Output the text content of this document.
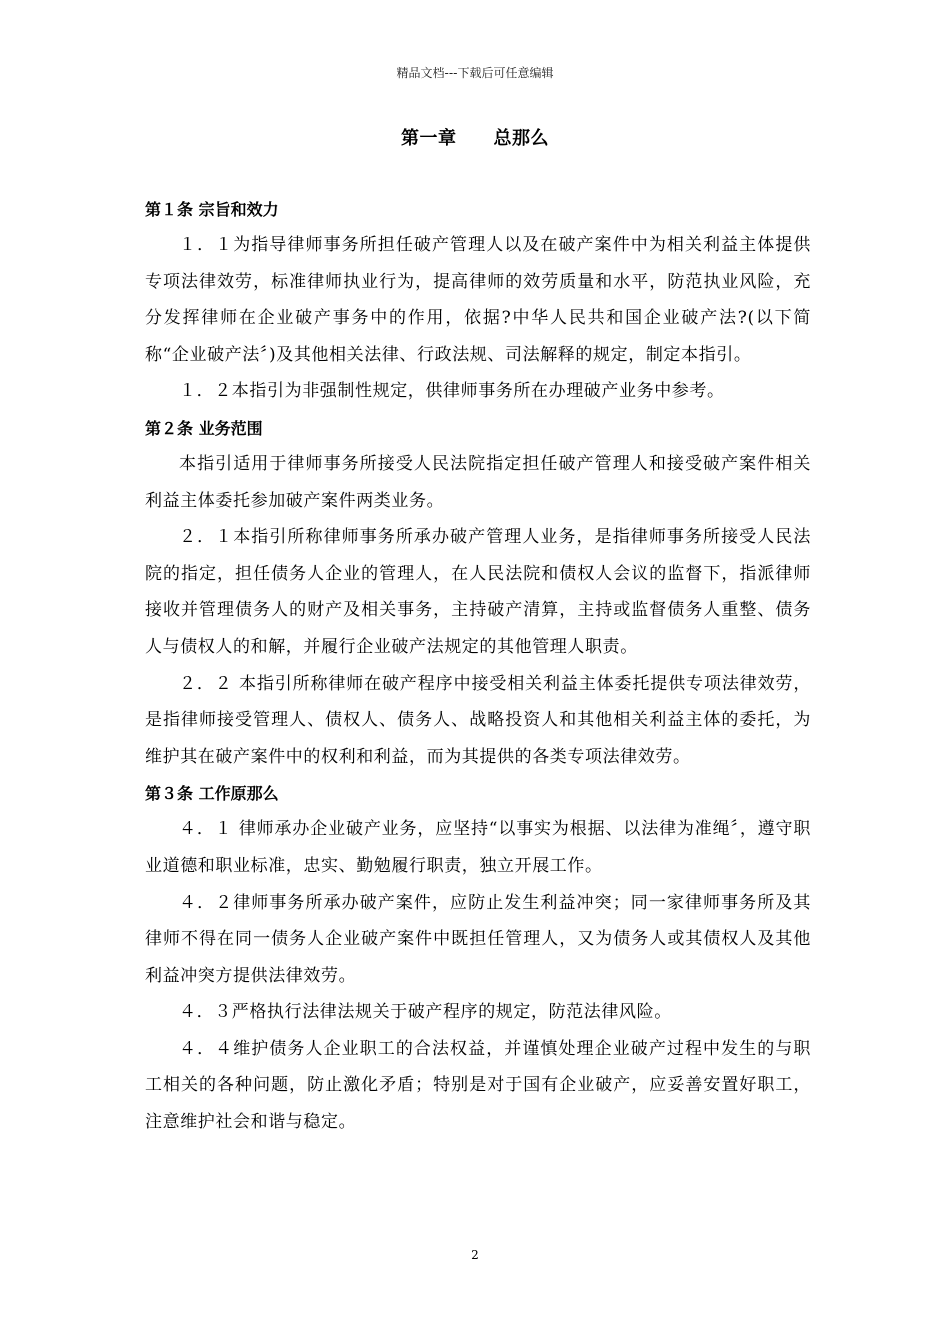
精品文档---下载后可任意编辑
第一章　　总那么
第１条 宗旨和效力

１．１为指导律师事务所担任破产管理人以及在破产案件中为相关利益主体提供专项法律效劳，标准律师执业行为，提高律师的效劳质量和水平，防范执业风险，充分发挥律师在企业破产事务中的作用，依据?中华人民共和国企业破产法?(以下简称“企业破产法〞)及其他相关法律、行政法规、司法解释的规定，制定本指引。

１．２本指引为非强制性规定，供律师事务所在办理破产业务中参考。

第２条 业务范围

本指引适用于律师事务所接受人民法院指定担任破产管理人和接受破产案件相关利益主体委托参加破产案件两类业务。

２．１本指引所称律师事务所承办破产管理人业务，是指律师事务所接受人民法院的指定，担任债务人企业的管理人，在人民法院和债权人会议的监督下，指派律师接收并管理债务人的财产及相关事务，主持破产清算，主持或监督债务人重整、债务人与债权人的和解，并履行企业破产法规定的其他管理人职责。

２．２ 本指引所称律师在破产程序中接受相关利益主体委托提供专项法律效劳，是指律师接受管理人、债权人、债务人、战略投资人和其他相关利益主体的委托，为维护其在破产案件中的权利和利益，而为其提供的各类专项法律效劳。

第３条 工作原那么

４．１ 律师承办企业破产业务，应坚持“以事实为根据、以法律为准绳〞，遵守职业道德和职业标准，忠实、勤勉履行职责，独立开展工作。

４．２律师事务所承办破产案件，应防止发生利益冲突；同一家律师事务所及其律师不得在同一债务人企业破产案件中既担任管理人，又为债务人或其债权人及其他利益冲突方提供法律效劳。

４．３严格执行法律法规关于破产程序的规定，防范法律风险。

４．４维护债务人企业职工的合法权益，并谨慎处理企业破产过程中发生的与职工相关的各种问题，防止激化矛盾；特别是对于国有企业破产，应妥善安置好职工，注意维护社会和谐与稳定。

2
